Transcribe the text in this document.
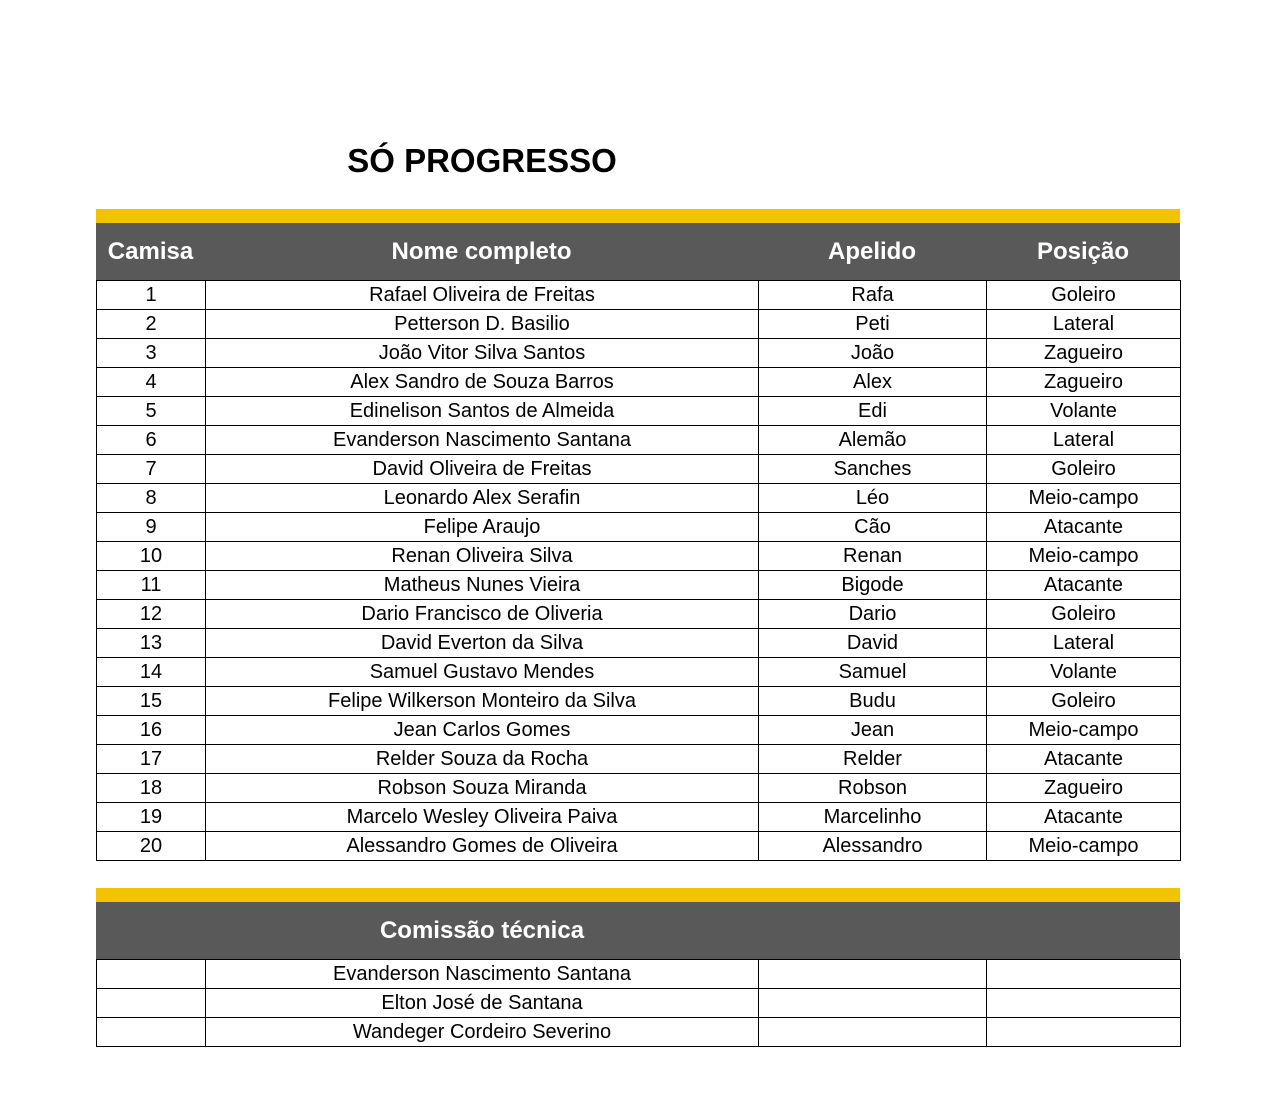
SÓ PROGRESSO
Camisa	Nome completo	Apelido	Posição
1	Rafael Oliveira de Freitas	Rafa	Goleiro
2	Petterson D. Basilio	Peti	Lateral
3	João Vitor Silva Santos	João	Zagueiro
4	Alex Sandro de Souza Barros	Alex	Zagueiro
5	Edinelison Santos de Almeida	Edi	Volante
6	Evanderson Nascimento Santana	Alemão	Lateral
7	David Oliveira de Freitas	Sanches	Goleiro
8	Leonardo Alex Serafin	Léo	Meio-campo
9	Felipe Araujo	Cão	Atacante
10	Renan Oliveira Silva	Renan	Meio-campo
11	Matheus Nunes Vieira	Bigode	Atacante
12	Dario Francisco de Oliveria	Dario	Goleiro
13	David Everton da Silva	David	Lateral
14	Samuel Gustavo Mendes	Samuel	Volante
15	Felipe Wilkerson Monteiro da Silva	Budu	Goleiro
16	Jean Carlos Gomes	Jean	Meio-campo
17	Relder Souza da Rocha	Relder	Atacante
18	Robson Souza Miranda	Robson	Zagueiro
19	Marcelo Wesley Oliveira Paiva	Marcelinho	Atacante
20	Alessandro Gomes de Oliveira	Alessandro	Meio-campo
Comissão técnica
	Evanderson Nascimento Santana		
	Elton José de Santana		
	Wandeger Cordeiro Severino		
